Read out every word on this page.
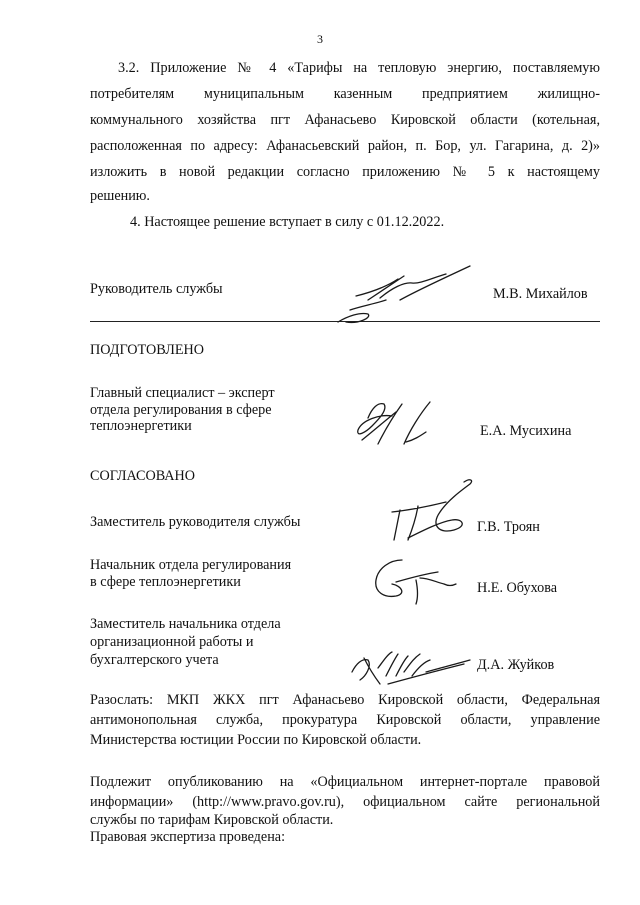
3
3.2. Приложение № 4 «Тарифы на тепловую энергию, поставляемую
потребителям муниципальным казенным предприятием жилищно-
коммунального хозяйства пгт Афанасьево Кировской области (котельная,
расположенная по адресу: Афанасьевский район, п. Бор, ул. Гагарина, д. 2)»
изложить в новой редакции согласно приложению № 5 к настоящему
решению.
4. Настоящее решение вступает в силу с 01.12.2022.
Руководитель службы	М.В. Михайлов
ПОДГОТОВЛЕНО
Главный специалист – эксперт
отдела регулирования в сфере
теплоэнергетики	Е.А. Мусихина
СОГЛАСОВАНО
Заместитель руководителя службы	Г.В. Троян
Начальник отдела регулирования
в сфере теплоэнергетики	Н.Е. Обухова
Заместитель начальника отдела
организационной работы и
бухгалтерского учета	Д.А. Жуйков
Разослать: МКП ЖКХ пгт Афанасьево Кировской области, Федеральная
антимонопольная служба, прокуратура Кировской области, управление
Министерства юстиции России по Кировской области.
Подлежит опубликованию на «Официальном интернет-портале правовой
информации» (http://www.pravo.gov.ru), официальном сайте региональной
службы по тарифам Кировской области.
Правовая экспертиза проведена:
